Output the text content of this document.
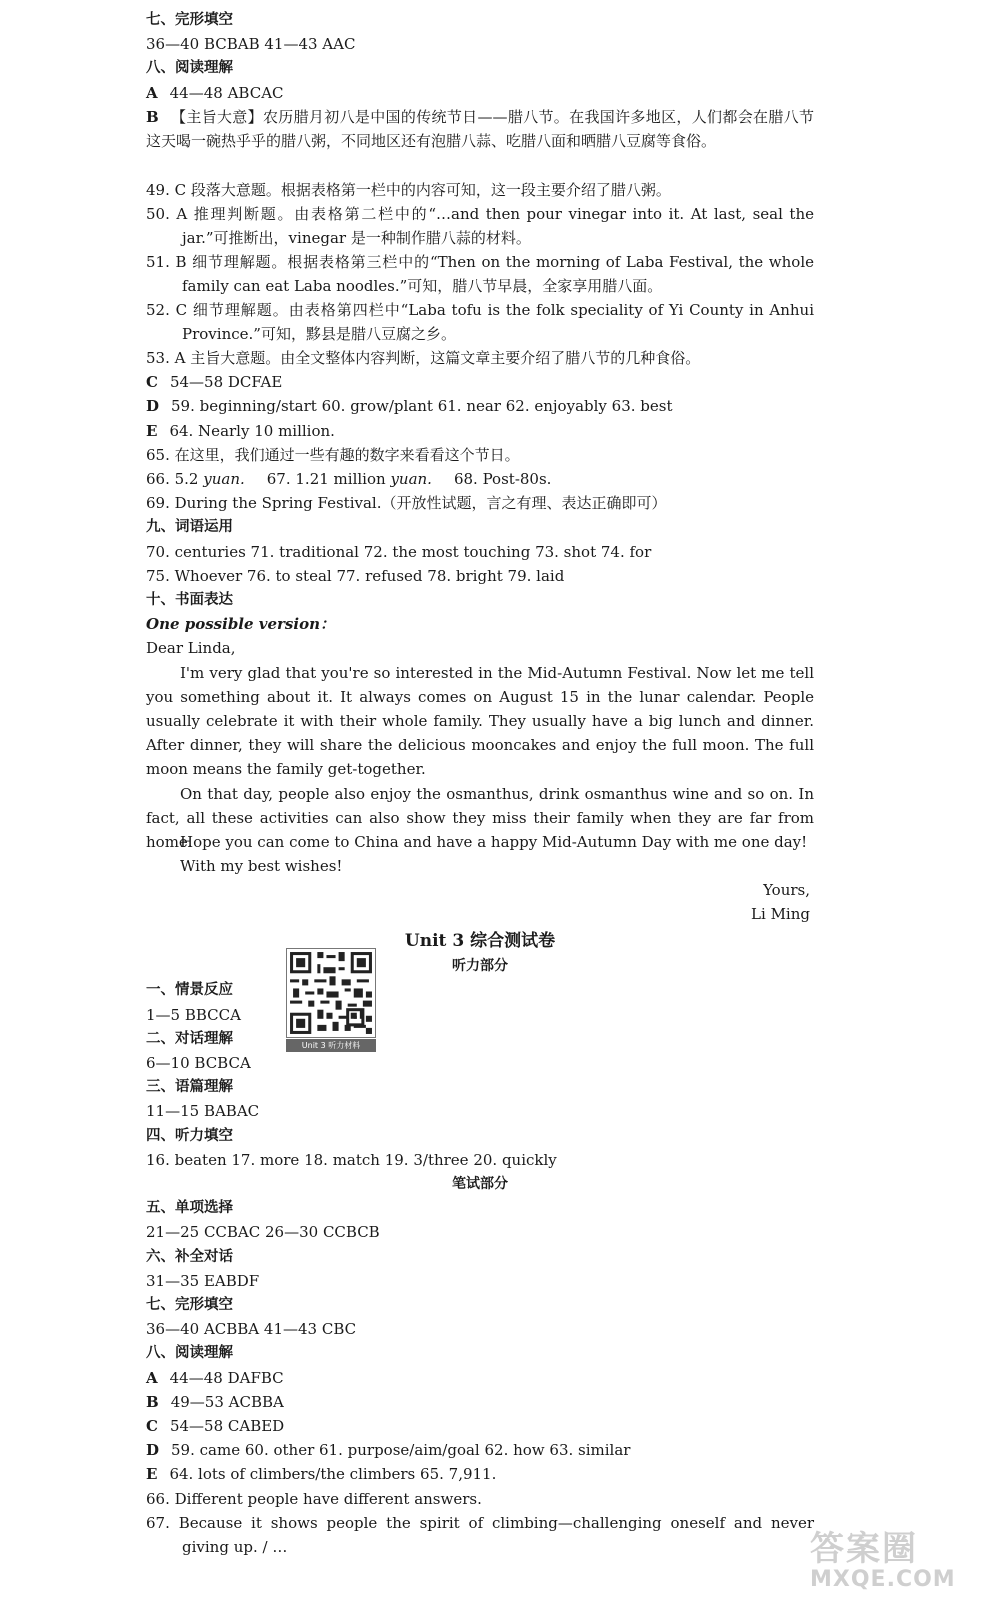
七、完形填空
36—40 BCBAB 41—43 AAC
八、阅读理解
A 44—48 ABCAC
B 【主旨大意】农历腊月初八是中国的传统节日——腊八节。在我国许多地区，人们都会在腊八节这天喝一碗热乎乎的腊八粥，不同地区还有泡腊八蒜、吃腊八面和晒腊八豆腐等食俗。
49. C 段落大意题。根据表格第一栏中的内容可知，这一段主要介绍了腊八粥。
50. A 推理判断题。由表格第二栏中的“…and then pour vinegar into it. At last, seal the jar.”可推断出，vinegar 是一种制作腊八蒜的材料。
51. B 细节理解题。根据表格第三栏中的“Then on the morning of Laba Festival, the whole family can eat Laba noodles.”可知，腊八节早晨，全家享用腊八面。
52. C 细节理解题。由表格第四栏中“Laba tofu is the folk speciality of Yi County in Anhui Province.”可知，黟县是腊八豆腐之乡。
53. A 主旨大意题。由全文整体内容判断，这篇文章主要介绍了腊八节的几种食俗。
C 54—58 DCFAE
D 59. beginning/start 60. grow/plant 61. near 62. enjoyably 63. best
E 64. Nearly 10 million.
65. 在这里，我们通过一些有趣的数字来看看这个节日。
66. 5.2 yuan. 67. 1.21 million yuan. 68. Post-80s.
69. During the Spring Festival.（开放性试题，言之有理、表达正确即可）
九、词语运用
70. centuries 71. traditional 72. the most touching 73. shot 74. for
75. Whoever 76. to steal 77. refused 78. bright 79. laid
十、书面表达
One possible version：
Dear Linda,
I'm very glad that you're so interested in the Mid-Autumn Festival. Now let me tell you something about it. It always comes on August 15 in the lunar calendar. People usually celebrate it with their whole family. They usually have a big lunch and dinner. After dinner, they will share the delicious mooncakes and enjoy the full moon. The full moon means the family get-together.
On that day, people also enjoy the osmanthus, drink osmanthus wine and so on. In fact, all these activities can also show they miss their family when they are far from home.
Hope you can come to China and have a happy Mid-Autumn Day with me one day!
With my best wishes!
Yours,
Li Ming
Unit 3 综合测试卷
听力部分
一、情景反应
1—5 BBCCA
二、对话理解
6—10 BCBCA
三、语篇理解
11—15 BABAC
四、听力填空
16. beaten 17. more 18. match 19. 3/three 20. quickly
笔试部分
五、单项选择
21—25 CCBAC 26—30 CCBCB
六、补全对话
31—35 EABDF
七、完形填空
36—40 ACBBA 41—43 CBC
八、阅读理解
A 44—48 DAFBC
B 49—53 ACBBA
C 54—58 CABED
D 59. came 60. other 61. purpose/aim/goal 62. how 63. similar
E 64. lots of climbers/the climbers 65. 7,911.
66. Different people have different answers.
67. Because it shows people the spirit of climbing—challenging oneself and never giving up. / …
Unit 3 听力材料
答案圈
MXQE.COM
